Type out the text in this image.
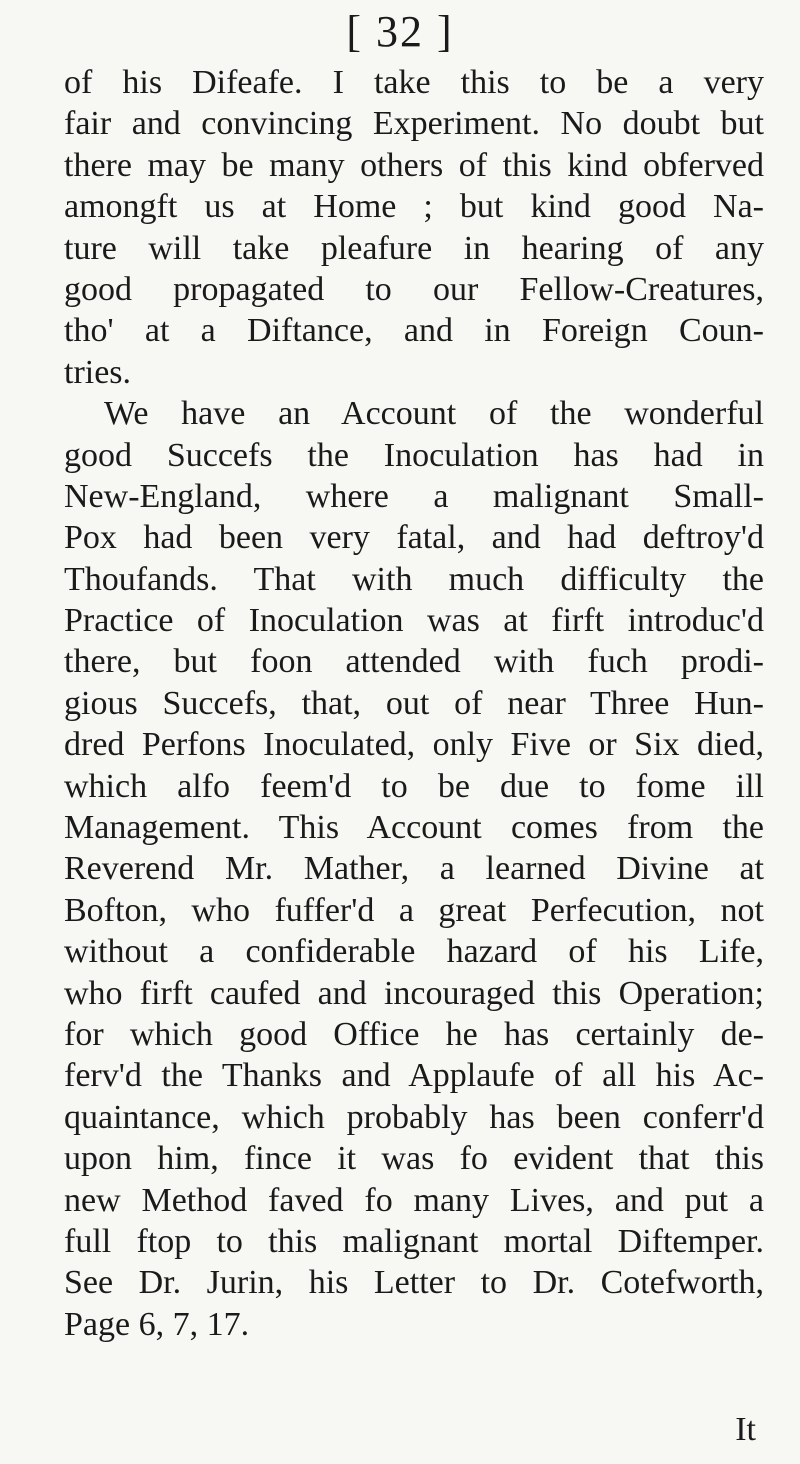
[ 32 ]
of his Difeafe. I take this to be a very
fair and convincing Experiment. No doubt but
there may be many others of this kind obferved
amongft us at Home ; but kind good Na-
ture will take pleafure in hearing of any
good propagated to our Fellow-Creatures,
tho' at a Diftance, and in Foreign Coun-
tries.
We have an Account of the wonderful
good Succefs the Inoculation has had in
New-England, where a malignant Small-
Pox had been very fatal, and had deftroy'd
Thoufands. That with much difficulty the
Practice of Inoculation was at firft introduc'd
there, but foon attended with fuch prodi-
gious Succefs, that, out of near Three Hun-
dred Perfons Inoculated, only Five or Six died,
which alfo feem'd to be due to fome ill
Management. This Account comes from the
Reverend Mr. Mather, a learned Divine at
Bofton, who fuffer'd a great Perfecution, not
without a confiderable hazard of his Life,
who firft caufed and incouraged this Operation;
for which good Office he has certainly de-
ferv'd the Thanks and Applaufe of all his Ac-
quaintance, which probably has been conferr'd
upon him, fince it was fo evident that this
new Method faved fo many Lives, and put a
full ftop to this malignant mortal Diftemper.
See Dr. Jurin, his Letter to Dr. Cotefworth,
Page 6, 7, 17.
It
